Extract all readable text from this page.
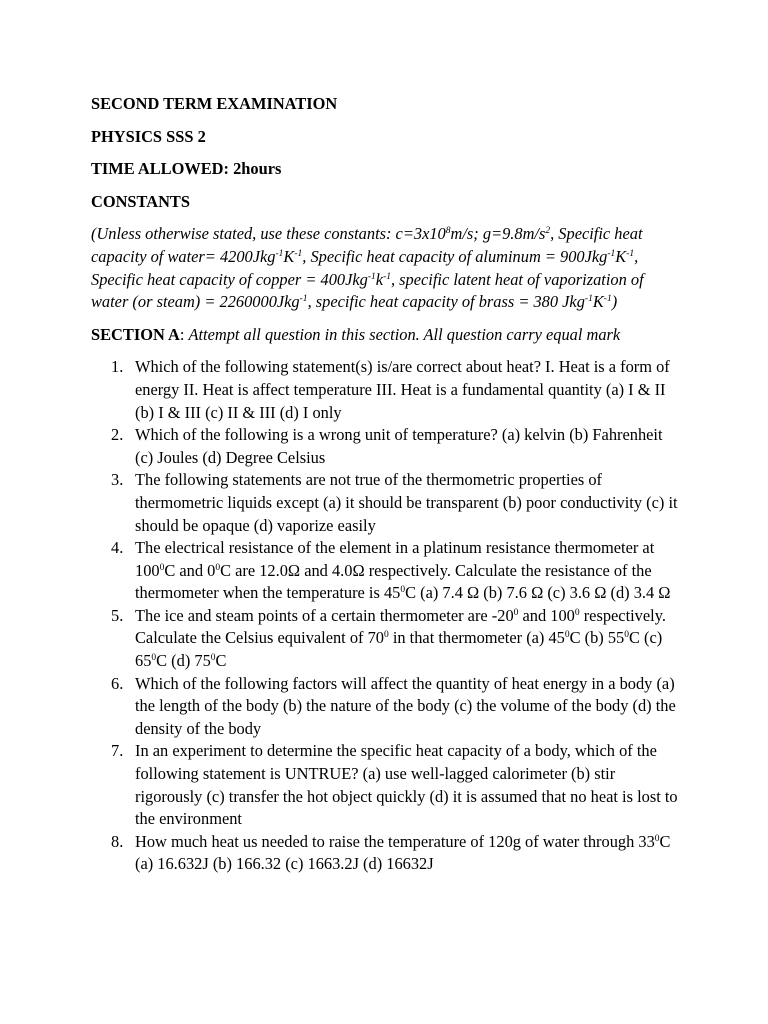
SECOND TERM EXAMINATION
PHYSICS SSS 2
TIME ALLOWED: 2hours
CONSTANTS
(Unless otherwise stated, use these constants: $c=3x10^8m/s$; $g=9.8m/s^2$, Specific heat capacity of water= $4200Jkg^{-1}K^{-1}$, Specific heat capacity of aluminum = $900Jkg^{-1}K^{-1}$, Specific heat capacity of copper = $400Jkg^{-1}k^{-1}$, specific latent heat of vaporization of water (or steam) = 2260000Jkg$^{-1}$, specific heat capacity of brass = 380 $Jkg^{-1}K^{-1}$)
SECTION A: Attempt all question in this section. All question carry equal mark
1. Which of the following statement(s) is/are correct about heat? I. Heat is a form of energy II. Heat is affect temperature III. Heat is a fundamental quantity (a) I & II (b) I & III (c) II & III (d) I only
2. Which of the following is a wrong unit of temperature? (a) kelvin (b) Fahrenheit (c) Joules (d) Degree Celsius
3. The following statements are not true of the thermometric properties of thermometric liquids except (a) it should be transparent (b) poor conductivity (c) it should be opaque (d) vaporize easily
4. The electrical resistance of the element in a platinum resistance thermometer at $100^0C$ and $0^0C$ are 12.0Ω and 4.0Ω respectively. Calculate the resistance of the thermometer when the temperature is $45^0C$ (a) 7.4 Ω (b) 7.6 Ω (c) 3.6 Ω (d) 3.4 Ω
5. The ice and steam points of a certain thermometer are $-20^0$ and $100^0$ respectively. Calculate the Celsius equivalent of $70^0$ in that thermometer (a) $45^0C$ (b) $55^0C$ (c) $65^0C$ (d) $75^0C$
6. Which of the following factors will affect the quantity of heat energy in a body (a) the length of the body (b) the nature of the body (c) the volume of the body (d) the density of the body
7. In an experiment to determine the specific heat capacity of a body, which of the following statement is UNTRUE? (a) use well-lagged calorimeter (b) stir rigorously (c) transfer the hot object quickly (d) it is assumed that no heat is lost to the environment
8. How much heat us needed to raise the temperature of 120g of water through $33^0C$ (a) 16.632J (b) 166.32 (c) 1663.2J (d) 16632J
